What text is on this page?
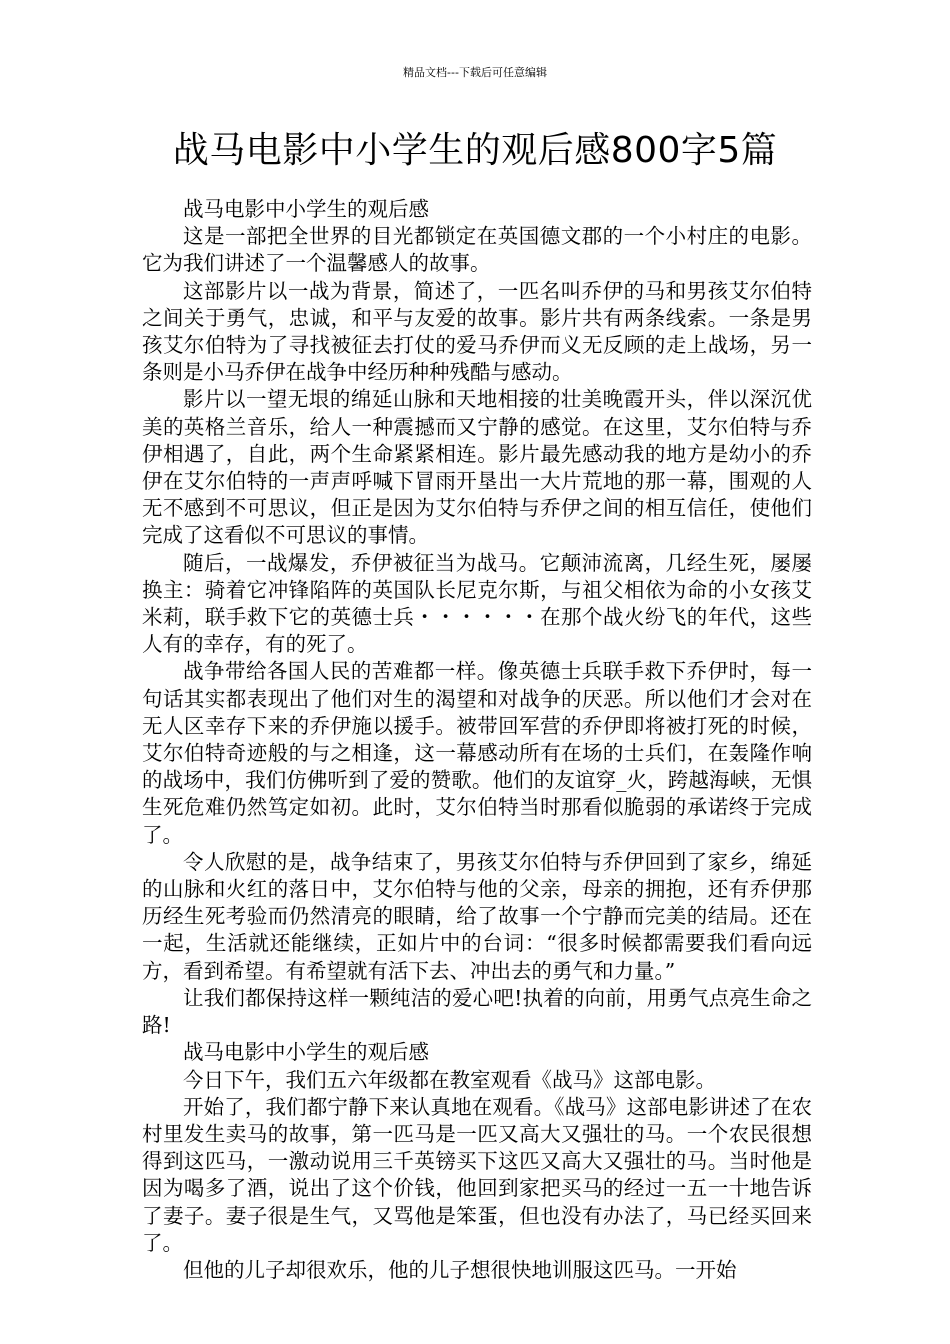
精品文档---下载后可任意编辑
战马电影中小学生的观后感800字5篇

战马电影中小学生的观后感

这是一部把全世界的目光都锁定在英国德文郡的一个小村庄的电影。它为我们讲述了一个温馨感人的故事。

这部影片以一战为背景，简述了，一匹名叫乔伊的马和男孩艾尔伯特之间关于勇气，忠诚，和平与友爱的故事。影片共有两条线索。一条是男孩艾尔伯特为了寻找被征去打仗的爱马乔伊而义无反顾的走上战场，另一条则是小马乔伊在战争中经历种种残酷与感动。

影片以一望无垠的绵延山脉和天地相接的壮美晚霞开头，伴以深沉优美的英格兰音乐，给人一种震撼而又宁静的感觉。在这里，艾尔伯特与乔伊相遇了，自此，两个生命紧紧相连。影片最先感动我的地方是幼小的乔伊在艾尔伯特的一声声呼喊下冒雨开垦出一大片荒地的那一幕，围观的人无不感到不可思议，但正是因为艾尔伯特与乔伊之间的相互信任，使他们完成了这看似不可思议的事情。

随后，一战爆发，乔伊被征当为战马。它颠沛流离，几经生死，屡屡换主：骑着它冲锋陷阵的英国队长尼克尔斯，与祖父相依为命的小女孩艾米莉，联手救下它的英德士兵・・・・・・在那个战火纷飞的年代，这些人有的幸存，有的死了。

战争带给各国人民的苦难都一样。像英德士兵联手救下乔伊时，每一句话其实都表现出了他们对生的渴望和对战争的厌恶。所以他们才会对在无人区幸存下来的乔伊施以援手。被带回军营的乔伊即将被打死的时候，艾尔伯特奇迹般的与之相逢，这一幕感动所有在场的士兵们，在轰隆作响的战场中，我们仿佛听到了爱的赞歌。他们的友谊穿_火，跨越海峡，无惧生死危难仍然笃定如初。此时，艾尔伯特当时那看似脆弱的承诺终于完成了。

令人欣慰的是，战争结束了，男孩艾尔伯特与乔伊回到了家乡，绵延的山脉和火红的落日中，艾尔伯特与他的父亲，母亲的拥抱，还有乔伊那历经生死考验而仍然清亮的眼睛，给了故事一个宁静而完美的结局。还在一起，生活就还能继续，正如片中的台词：“很多时候都需要我们看向远方，看到希望。有希望就有活下去、冲出去的勇气和力量。”

让我们都保持这样一颗纯洁的爱心吧!执着的向前，用勇气点亮生命之路!

战马电影中小学生的观后感

今日下午，我们五六年级都在教室观看《战马》这部电影。

开始了，我们都宁静下来认真地在观看。《战马》这部电影讲述了在农村里发生卖马的故事，第一匹马是一匹又高大又强壮的马。一个农民很想得到这匹马，一激动说用三千英镑买下这匹又高大又强壮的马。当时他是因为喝多了酒，说出了这个价钱，他回到家把买马的经过一五一十地告诉了妻子。妻子很是生气，又骂他是笨蛋，但也没有办法了，马已经买回来了。

但他的儿子却很欢乐，他的儿子想很快地训服这匹马。一开始
